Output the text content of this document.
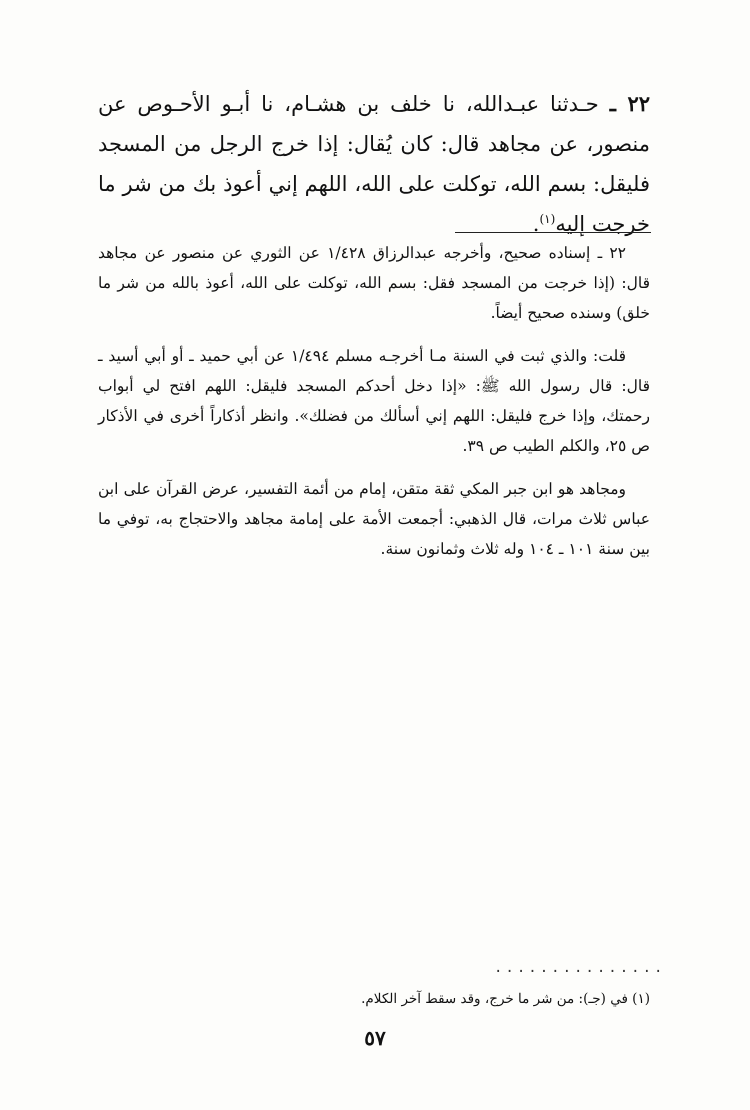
٢٢ ـ حـدثنا عبـدالله، نا خلف بن هشـام، نا أبـو الأحـوص عن منصور، عن مجاهد قال: كان يُقال: إذا خرج الرجل من المسجد فليقل: بسم الله، توكلت على الله، اللهم إني أعوذ بك من شر ما خرجت إليه$^{(١)}$.

٢٢ ـ إسناده صحيح، وأخرجه عبدالرزاق ١/٤٢٨ عن الثوري عن منصور عن مجاهد قال: (إذا خرجت من المسجد فقل: بسم الله، توكلت على الله، أعوذ بالله من شر ما خلق) وسنده صحيح أيضاً.

قلت: والذي ثبت في السنة مـا أخرجـه مسلم ١/٤٩٤ عن أبي حميد ـ أو أبي أسيد ـ قال: قال رسول الله ﷺ: «إذا دخل أحدكم المسجد فليقل: اللهم افتح لي أبواب رحمتك، وإذا خرج فليقل: اللهم إني أسألك من فضلك». وانظر أذكاراً أخرى في الأذكار ص ٢٥، والكلم الطيب ص ٣٩.

ومجاهد هو ابن جبر المكي ثقة متقن، إمام من أئمة التفسير، عرض القرآن على ابن عباس ثلاث مرات، قال الذهبي: أجمعت الأمة على إمامة مجاهد والاحتجاج به، توفي ما بين سنة ١٠١ ـ ١٠٤ وله ثلاث وثمانون سنة.

...............
(١) في (جـ): من شر ما خرج، وقد سقط آخر الكلام.
٥٧
